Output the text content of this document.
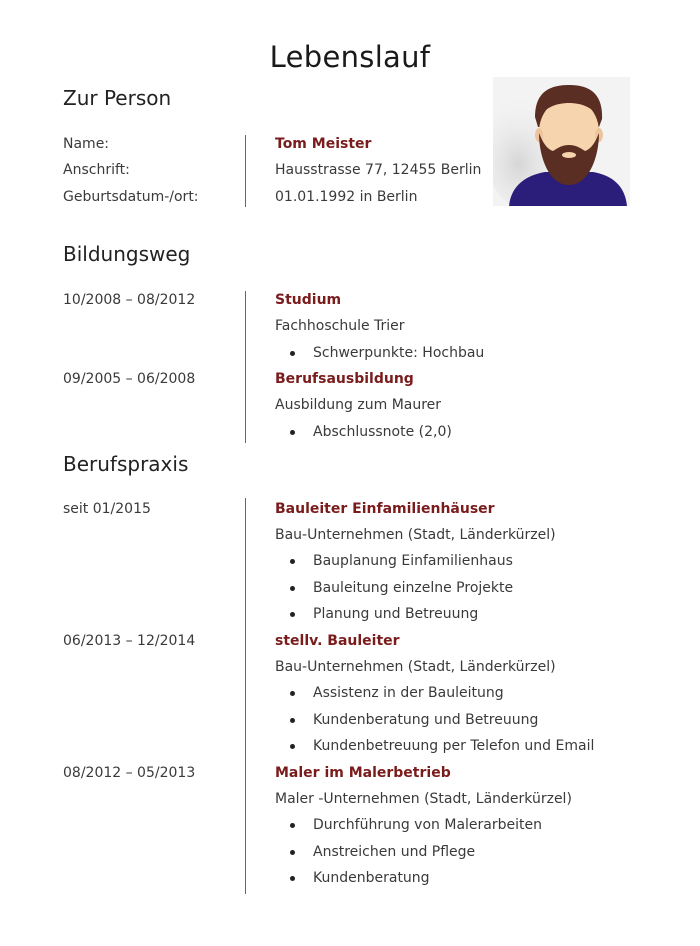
Lebenslauf
Zur Person
Name:	Tom Meister
Anschrift:	Hausstrasse 77, 12455 Berlin
Geburtsdatum-/ort:	01.01.1992 in Berlin
Bildungsweg
10/2008 – 08/2012	Studium
Fachhoschule Trier
Schwerpunkte: Hochbau
09/2005 – 06/2008	Berufsausbildung
Ausbildung zum Maurer
Abschlussnote (2,0)
Berufspraxis
seit 01/2015	Bauleiter Einfamilienhäuser
Bau-Unternehmen (Stadt, Länderkürzel)
Bauplanung Einfamilienhaus
Bauleitung einzelne Projekte
Planung und Betreuung
06/2013 – 12/2014	stellv. Bauleiter
Bau-Unternehmen (Stadt, Länderkürzel)
Assistenz in der Bauleitung
Kundenberatung und Betreuung
Kundenbetreuung per Telefon und Email
08/2012 – 05/2013	Maler im Malerbetrieb
Maler -Unternehmen (Stadt, Länderkürzel)
Durchführung von Malerarbeiten
Anstreichen und Pflege
Kundenberatung
